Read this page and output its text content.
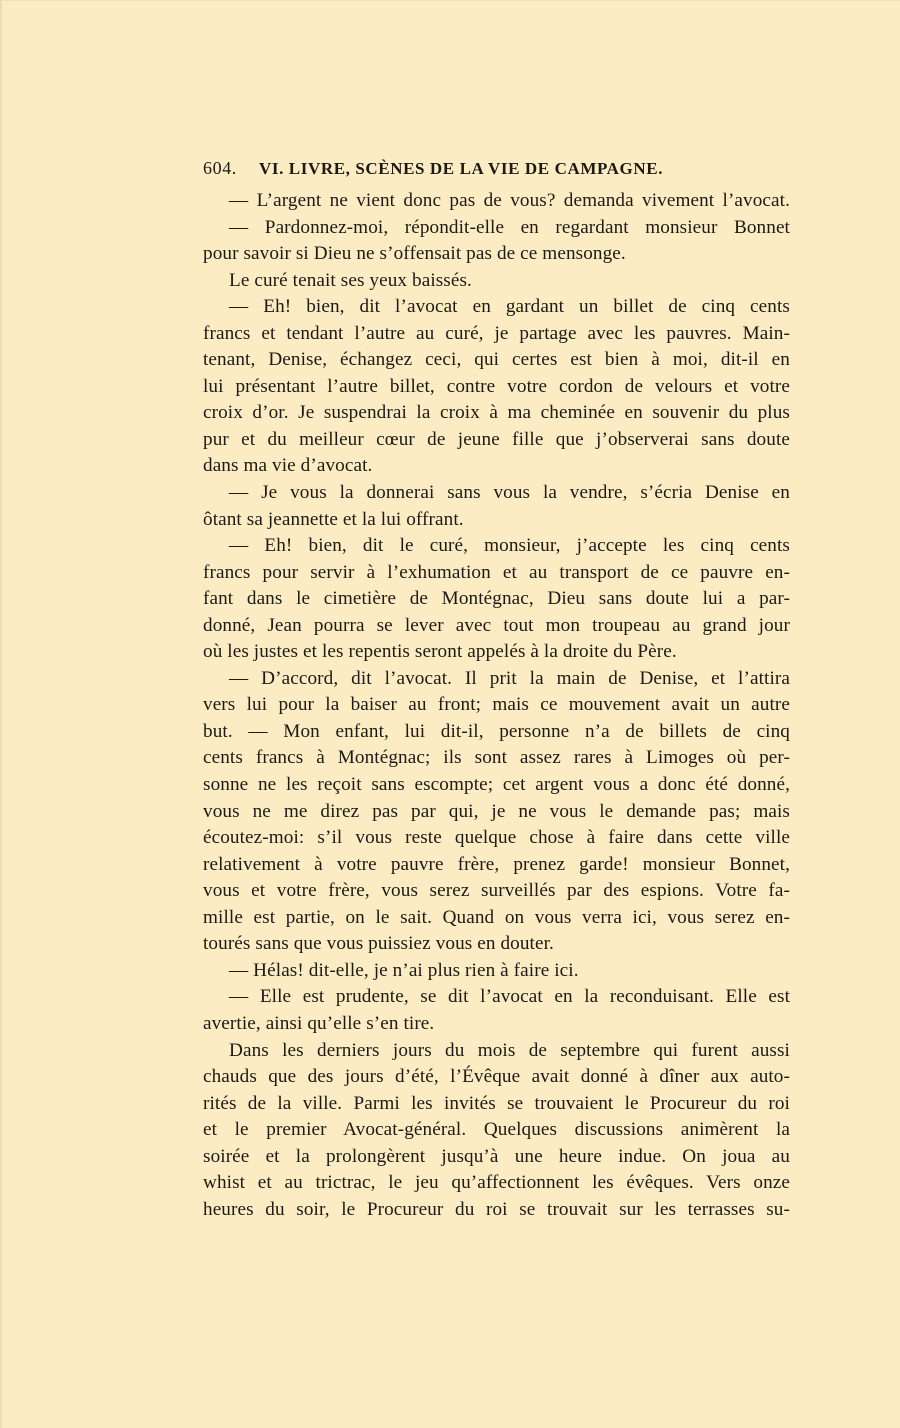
604.	VI. LIVRE, SCÈNES DE LA VIE DE CAMPAGNE.
— L’argent ne vient donc pas de vous? demanda vivement l’avocat.
— Pardonnez-moi, répondit-elle en regardant monsieur Bonnet
pour savoir si Dieu ne s’offensait pas de ce mensonge.
Le curé tenait ses yeux baissés.
— Eh! bien, dit l’avocat en gardant un billet de cinq cents
francs et tendant l’autre au curé, je partage avec les pauvres. Main-
tenant, Denise, échangez ceci, qui certes est bien à moi, dit-il en
lui présentant l’autre billet, contre votre cordon de velours et votre
croix d’or. Je suspendrai la croix à ma cheminée en souvenir du plus
pur et du meilleur cœur de jeune fille que j’observerai sans doute
dans ma vie d’avocat.
— Je vous la donnerai sans vous la vendre, s’écria Denise en
ôtant sa jeannette et la lui offrant.
— Eh! bien, dit le curé, monsieur, j’accepte les cinq cents
francs pour servir à l’exhumation et au transport de ce pauvre en-
fant dans le cimetière de Montégnac, Dieu sans doute lui a par-
donné, Jean pourra se lever avec tout mon troupeau au grand jour
où les justes et les repentis seront appelés à la droite du Père.
— D’accord, dit l’avocat. Il prit la main de Denise, et l’attira
vers lui pour la baiser au front; mais ce mouvement avait un autre
but. — Mon enfant, lui dit-il, personne n’a de billets de cinq
cents francs à Montégnac; ils sont assez rares à Limoges où per-
sonne ne les reçoit sans escompte; cet argent vous a donc été donné,
vous ne me direz pas par qui, je ne vous le demande pas; mais
écoutez-moi: s’il vous reste quelque chose à faire dans cette ville
relativement à votre pauvre frère, prenez garde! monsieur Bonnet,
vous et votre frère, vous serez surveillés par des espions. Votre fa-
mille est partie, on le sait. Quand on vous verra ici, vous serez en-
tourés sans que vous puissiez vous en douter.
— Hélas! dit-elle, je n’ai plus rien à faire ici.
— Elle est prudente, se dit l’avocat en la reconduisant. Elle est
avertie, ainsi qu’elle s’en tire.
Dans les derniers jours du mois de septembre qui furent aussi
chauds que des jours d’été, l’Évêque avait donné à dîner aux auto-
rités de la ville. Parmi les invités se trouvaient le Procureur du roi
et le premier Avocat-général. Quelques discussions animèrent la
soirée et la prolongèrent jusqu’à une heure indue. On joua au
whist et au trictrac, le jeu qu’affectionnent les évêques. Vers onze
heures du soir, le Procureur du roi se trouvait sur les terrasses su-
